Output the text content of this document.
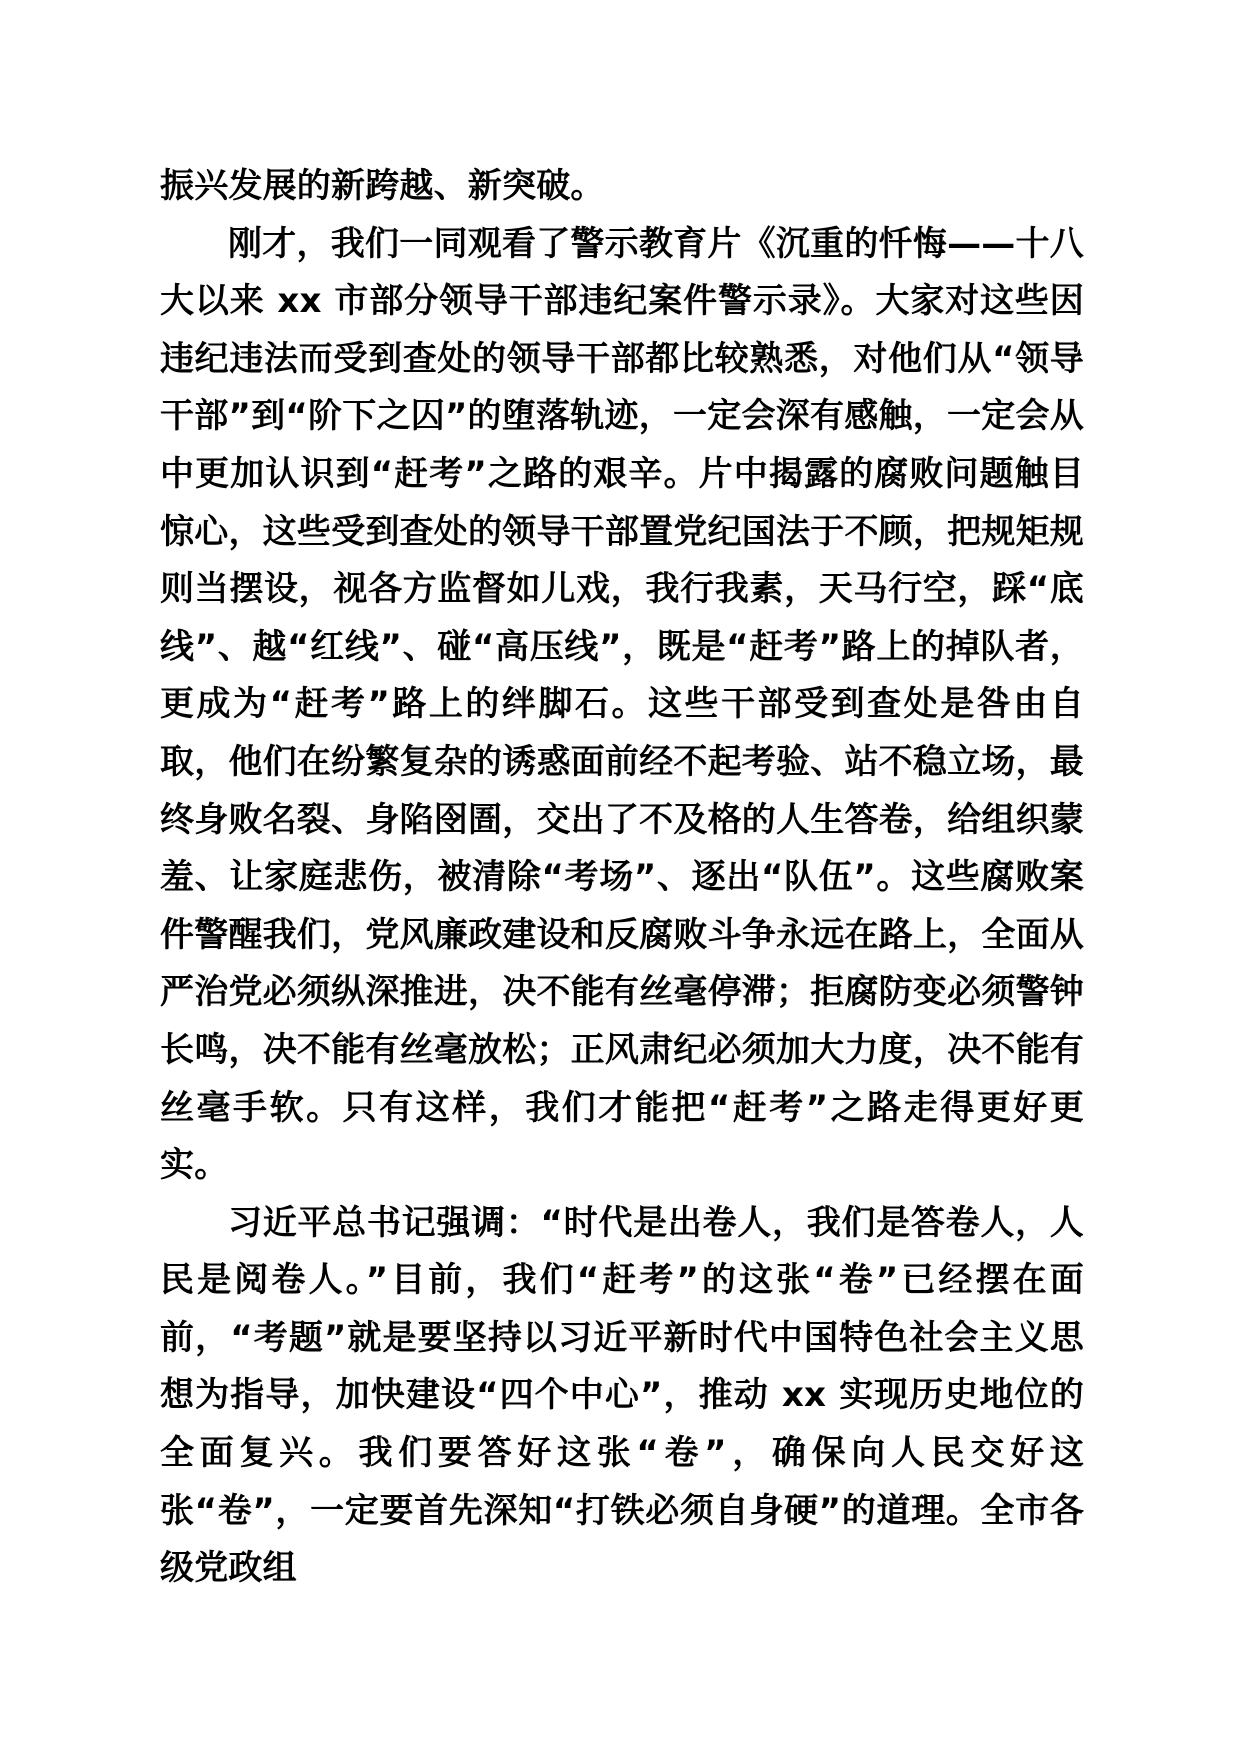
振兴发展的新跨越、新突破。

刚才，我们一同观看了警示教育片《沉重的忏悔——十八大以来 xx 市部分领导干部违纪案件警示录》。大家对这些因违纪违法而受到查处的领导干部都比较熟悉，对他们从“领导干部”到“阶下之囚”的堕落轨迹，一定会深有感触，一定会从中更加认识到“赶考”之路的艰辛。片中揭露的腐败问题触目惊心，这些受到查处的领导干部置党纪国法于不顾，把规矩规则当摆设，视各方监督如儿戏，我行我素，天马行空，踩“底线”、越“红线”、碰“高压线”，既是“赶考”路上的掉队者，更成为“赶考”路上的绊脚石。这些干部受到查处是咎由自取，他们在纷繁复杂的诱惑面前经不起考验、站不稳立场，最终身败名裂、身陷囹圄，交出了不及格的人生答卷，给组织蒙羞、让家庭悲伤，被清除“考场”、逐出“队伍”。这些腐败案件警醒我们，党风廉政建设和反腐败斗争永远在路上，全面从严治党必须纵深推进，决不能有丝毫停滞；拒腐防变必须警钟长鸣，决不能有丝毫放松；正风肃纪必须加大力度，决不能有丝毫手软。只有这样，我们才能把“赶考”之路走得更好更实。

习近平总书记强调：“时代是出卷人，我们是答卷人，人民是阅卷人。”目前，我们“赶考”的这张“卷”已经摆在面前，“考题”就是要坚持以习近平新时代中国特色社会主义思想为指导，加快建设“四个中心”，推动 xx 实现历史地位的全面复兴。我们要答好这张“卷”，确保向人民交好这张“卷”，一定要首先深知“打铁必须自身硬”的道理。全市各级党政组
